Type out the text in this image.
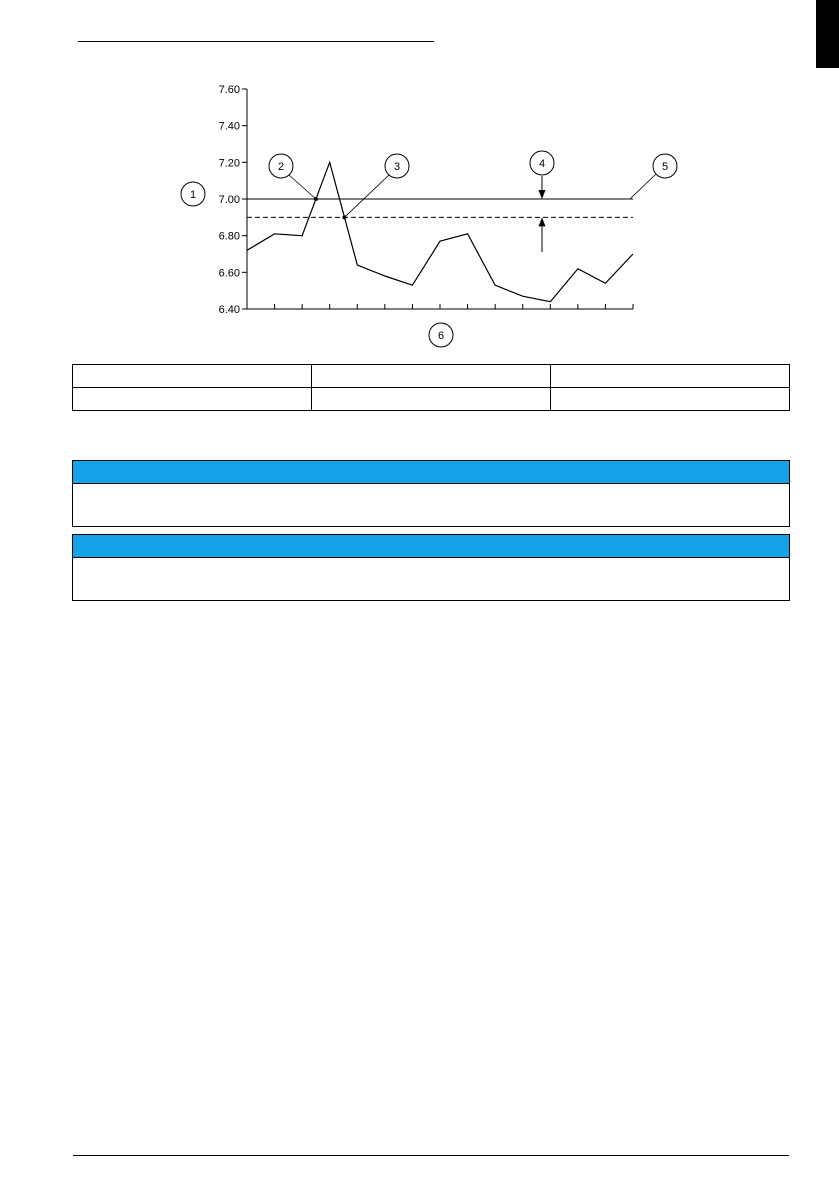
6.40
6.60
6.80
7.00
7.20
7.40
7.60
1
2	3	4	5
6
